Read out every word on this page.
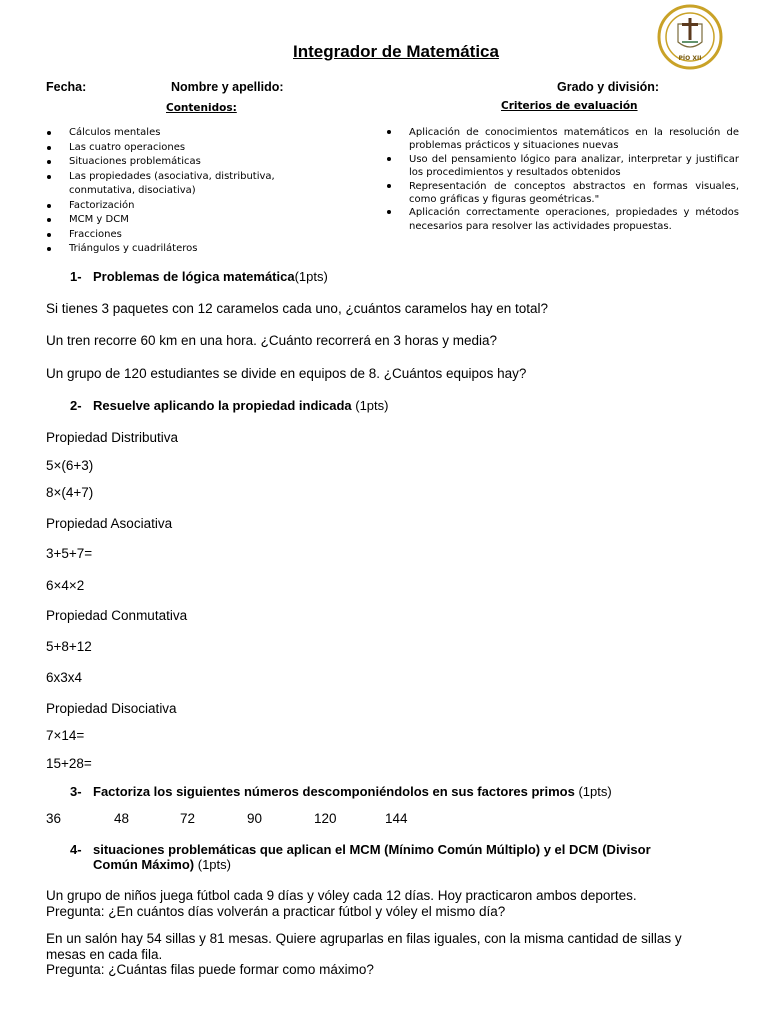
PÍO XII
Integrador de Matemática
Fecha:	Nombre y apellido:	Grado y división:
Contenidos:
Cálculos mentales
Las cuatro operaciones
Situaciones problemáticas
Las propiedades (asociativa, distributiva, conmutativa, disociativa)
Factorización
MCM y DCM
Fracciones
Triángulos y cuadriláteros
Criterios de evaluación
Aplicación de conocimientos matemáticos en la resolución de problemas prácticos y situaciones nuevas
Uso del pensamiento lógico para analizar, interpretar y justificar los procedimientos y resultados obtenidos
Representación de conceptos abstractos en formas visuales, como gráficas y figuras geométricas."
Aplicación correctamente operaciones, propiedades y métodos necesarios para resolver las actividades propuestas.
1- Problemas de lógica matemática(1pts)
Si tienes 3 paquetes con 12 caramelos cada uno, ¿cuántos caramelos hay en total?
Un tren recorre 60 km en una hora. ¿Cuánto recorrerá en 3 horas y media?
Un grupo de 120 estudiantes se divide en equipos de 8. ¿Cuántos equipos hay?
2- Resuelve aplicando la propiedad indicada (1pts)
Propiedad Distributiva
5×(6+3)
8×(4+7)
Propiedad Asociativa
3+5+7=
6×4×2
Propiedad Conmutativa
5+8+12
6x3x4
Propiedad Disociativa
7×14=
15+28=
3- Factoriza los siguientes números descomponiéndolos en sus factores primos (1pts)
36	48	72	90	120	144
4- situaciones problemáticas que aplican el MCM (Mínimo Común Múltiplo) y el DCM (Divisor
Común Máximo) (1pts)
Un grupo de niños juega fútbol cada 9 días y vóley cada 12 días. Hoy practicaron ambos deportes.
Pregunta: ¿En cuántos días volverán a practicar fútbol y vóley el mismo día?
En un salón hay 54 sillas y 81 mesas. Quiere agruparlas en filas iguales, con la misma cantidad de sillas y
mesas en cada fila.
Pregunta: ¿Cuántas filas puede formar como máximo?
